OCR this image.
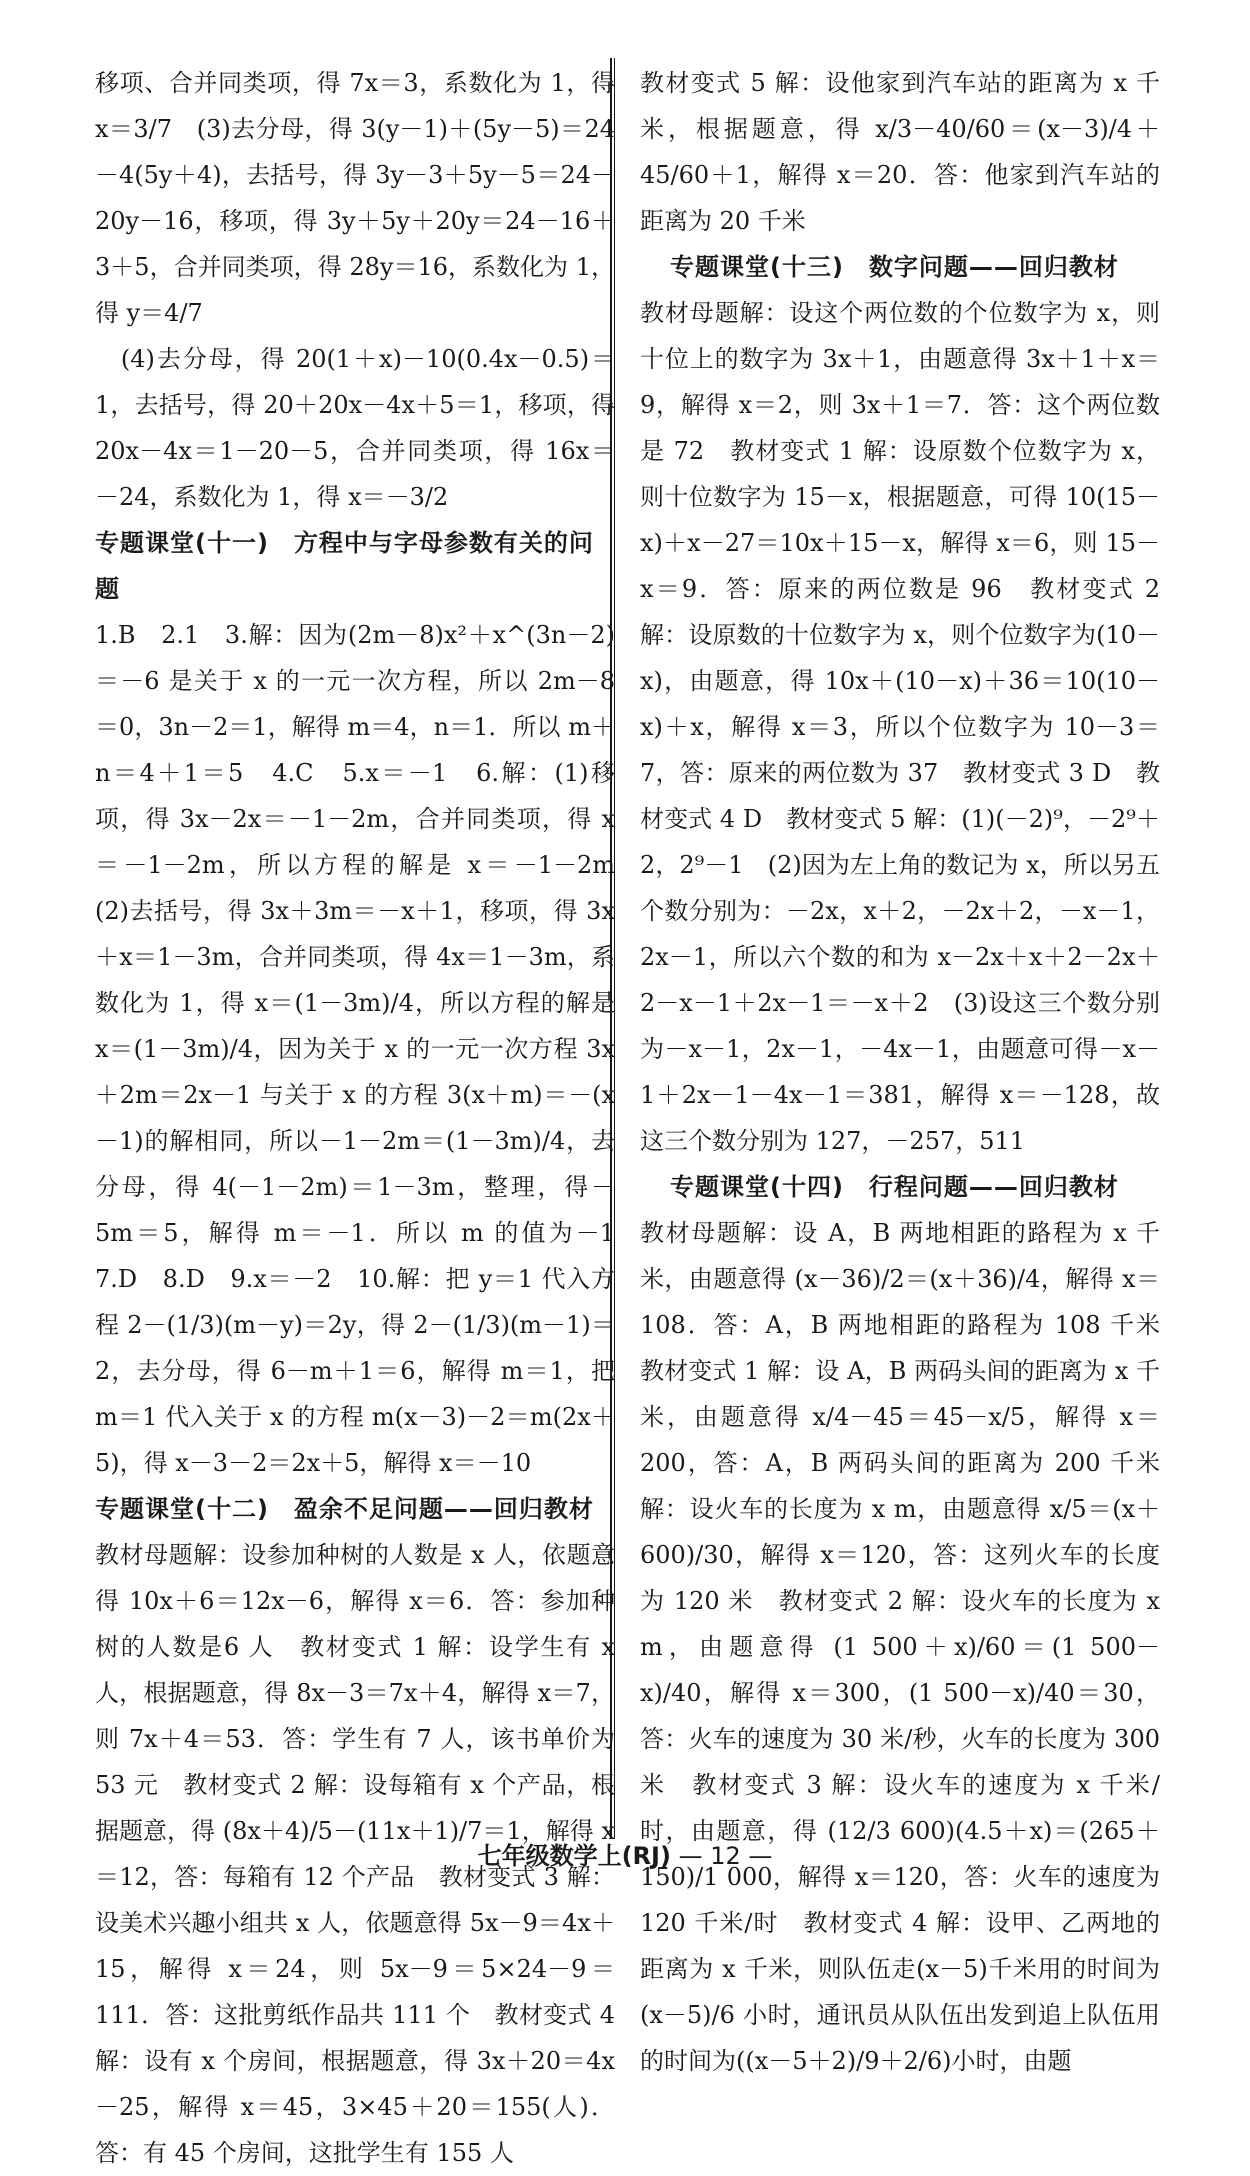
移项、合并同类项，得 7x＝3，系数化为 1，得 x＝3/7　(3)去分母，得 3(y－1)＋(5y－5)＝24－4(5y＋4)，去括号，得 3y－3＋5y－5＝24－20y－16，移项，得 3y＋5y＋20y＝24－16＋3＋5，合并同类项，得 28y＝16，系数化为 1，得 y＝4/7

　(4)去分母，得 20(1＋x)－10(0.4x－0.5)＝1，去括号，得 20＋20x－4x＋5＝1，移项，得 20x－4x＝1－20－5，合并同类项，得 16x＝－24，系数化为 1，得 x＝－3/2

专题课堂(十一)　方程中与字母参数有关的问题

1.B　2.1　3.解：因为(2m－8)x²＋x^(3n－2)＝－6 是关于 x 的一元一次方程，所以 2m－8＝0，3n－2＝1，解得 m＝4，n＝1．所以 m＋n＝4＋1＝5　4.C　5.x＝－1　6.解：(1)移项，得 3x－2x＝－1－2m，合并同类项，得 x＝－1－2m，所以方程的解是 x＝－1－2m　(2)去括号，得 3x＋3m＝－x＋1，移项，得 3x＋x＝1－3m，合并同类项，得 4x＝1－3m，系数化为 1，得 x＝(1－3m)/4，所以方程的解是 x＝(1－3m)/4，因为关于 x 的一元一次方程 3x＋2m＝2x－1 与关于 x 的方程 3(x＋m)＝－(x－1)的解相同，所以－1－2m＝(1－3m)/4，去分母，得 4(－1－2m)＝1－3m，整理，得－5m＝5，解得 m＝－1．所以 m 的值为－1　7.D　8.D　9.x＝－2　10.解：把 y＝1 代入方程 2－(1/3)(m－y)＝2y，得 2－(1/3)(m－1)＝2，去分母，得 6－m＋1＝6，解得 m＝1，把 m＝1 代入关于 x 的方程 m(x－3)－2＝m(2x＋5)，得 x－3－2＝2x＋5，解得 x＝－10

专题课堂(十二)　盈余不足问题——回归教材

教材母题解：设参加种树的人数是 x 人，依题意得 10x＋6＝12x－6，解得 x＝6．答：参加种树的人数是6 人　教材变式 1 解：设学生有 x 人，根据题意，得 8x－3＝7x＋4，解得 x＝7，则 7x＋4＝53．答：学生有 7 人，该书单价为 53 元　教材变式 2 解：设每箱有 x 个产品，根据题意，得 (8x＋4)/5－(11x＋1)/7＝1，解得 x＝12，答：每箱有 12 个产品　教材变式 3 解：设美术兴趣小组共 x 人，依题意得 5x－9＝4x＋15，解得 x＝24，则 5x－9＝5×24－9＝111．答：这批剪纸作品共 111 个　教材变式 4 解：设有 x 个房间，根据题意，得 3x＋20＝4x－25，解得 x＝45，3×45＋20＝155(人)．答：有 45 个房间，这批学生有 155 人

教材变式 5 解：设他家到汽车站的距离为 x 千米，根据题意，得 x/3－40/60＝(x－3)/4＋45/60＋1，解得 x＝20．答：他家到汽车站的距离为 20 千米

专题课堂(十三)　数字问题——回归教材

教材母题解：设这个两位数的个位数字为 x，则十位上的数字为 3x＋1，由题意得 3x＋1＋x＝9，解得 x＝2，则 3x＋1＝7．答：这个两位数是 72　教材变式 1 解：设原数个位数字为 x，则十位数字为 15－x，根据题意，可得 10(15－x)＋x－27＝10x＋15－x，解得 x＝6，则 15－x＝9．答：原来的两位数是 96　教材变式 2 解：设原数的十位数字为 x，则个位数字为(10－x)，由题意，得 10x＋(10－x)＋36＝10(10－x)＋x，解得 x＝3，所以个位数字为 10－3＝7，答：原来的两位数为 37　教材变式 3 D　教材变式 4 D　教材变式 5 解：(1)(－2)⁹，－2⁹＋2，2⁹－1　(2)因为左上角的数记为 x，所以另五个数分别为：－2x，x＋2，－2x＋2，－x－1，2x－1，所以六个数的和为 x－2x＋x＋2－2x＋2－x－1＋2x－1＝－x＋2　(3)设这三个数分别为－x－1，2x－1，－4x－1，由题意可得－x－1＋2x－1－4x－1＝381，解得 x＝－128，故这三个数分别为 127，－257，511

专题课堂(十四)　行程问题——回归教材

教材母题解：设 A，B 两地相距的路程为 x 千米，由题意得 (x－36)/2＝(x＋36)/4，解得 x＝108．答：A，B 两地相距的路程为 108 千米　教材变式 1 解：设 A，B 两码头间的距离为 x 千米，由题意得 x/4－45＝45－x/5，解得 x＝200，答：A，B 两码头间的距离为 200 千米　解：设火车的长度为 x m，由题意得 x/5＝(x＋600)/30，解得 x＝120，答：这列火车的长度为 120 米　教材变式 2 解：设火车的长度为 x m，由题意得 (1 500＋x)/60＝(1 500－x)/40，解得 x＝300，(1 500－x)/40＝30，答：火车的速度为 30 米/秒，火车的长度为 300 米　教材变式 3 解：设火车的速度为 x 千米/时，由题意，得 (12/3 600)(4.5＋x)＝(265＋150)/1 000，解得 x＝120，答：火车的速度为 120 千米/时　教材变式 4 解：设甲、乙两地的距离为 x 千米，则队伍走(x－5)千米用的时间为 (x－5)/6 小时，通讯员从队伍出发到追上队伍用的时间为((x－5＋2)/9＋2/6)小时，由题

七年级数学上(RJ) — 12 —
